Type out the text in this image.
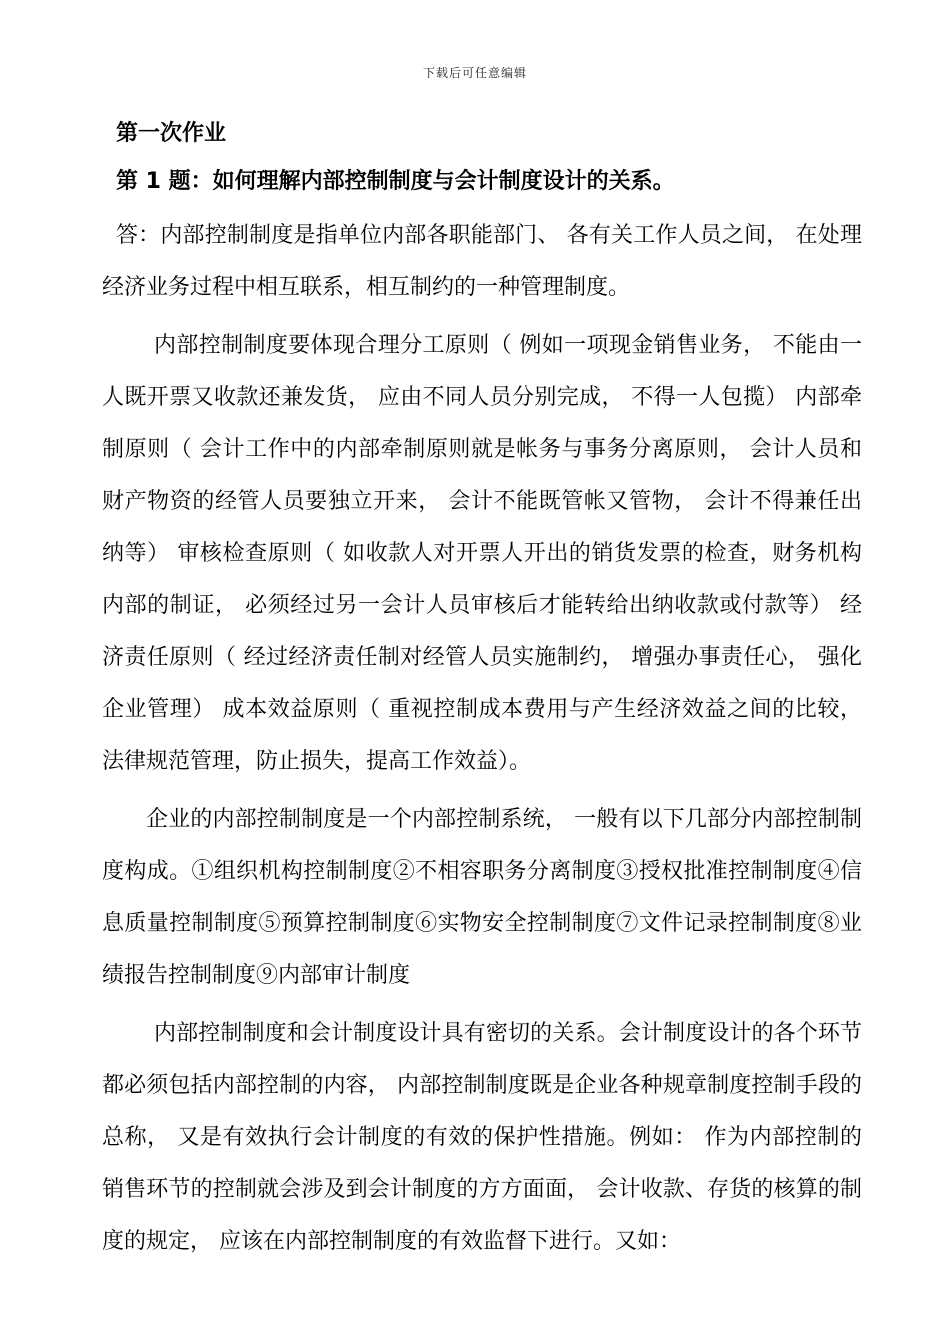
下载后可任意编辑
第一次作业
第 1 题：如何理解内部控制制度与会计制度设计的关系。

答：内部控制制度是指单位内部各职能部门、 各有关工作人员之间， 在处理经济业务过程中相互联系，相互制约的一种管理制度。

内部控制制度要体现合理分工原则（ 例如一项现金销售业务， 不能由一人既开票又收款还兼发货， 应由不同人员分别完成， 不得一人包揽） 内部牵制原则（ 会计工作中的内部牵制原则就是帐务与事务分离原则， 会计人员和财产物资的经管人员要独立开来， 会计不能既管帐又管物， 会计不得兼任出纳等） 审核检查原则（ 如收款人对开票人开出的销货发票的检查，财务机构内部的制证， 必须经过另一会计人员审核后才能转给出纳收款或付款等） 经济责任原则（ 经过经济责任制对经管人员实施制约， 增强办事责任心， 强化企业管理） 成本效益原则（ 重视控制成本费用与产生经济效益之间的比较，法律规范管理，防止损失，提高工作效益）。

企业的内部控制制度是一个内部控制系统， 一般有以下几部分内部控制制度构成。①组织机构控制制度②不相容职务分离制度③授权批准控制制度④信息质量控制制度⑤预算控制制度⑥实物安全控制制度⑦文件记录控制制度⑧业绩报告控制制度⑨内部审计制度

内部控制制度和会计制度设计具有密切的关系。会计制度设计的各个环节都必须包括内部控制的内容， 内部控制制度既是企业各种规章制度控制手段的总称， 又是有效执行会计制度的有效的保护性措施。例如： 作为内部控制的销售环节的控制就会涉及到会计制度的方方面面， 会计收款、存货的核算的制度的规定， 应该在内部控制制度的有效监督下进行。又如：
